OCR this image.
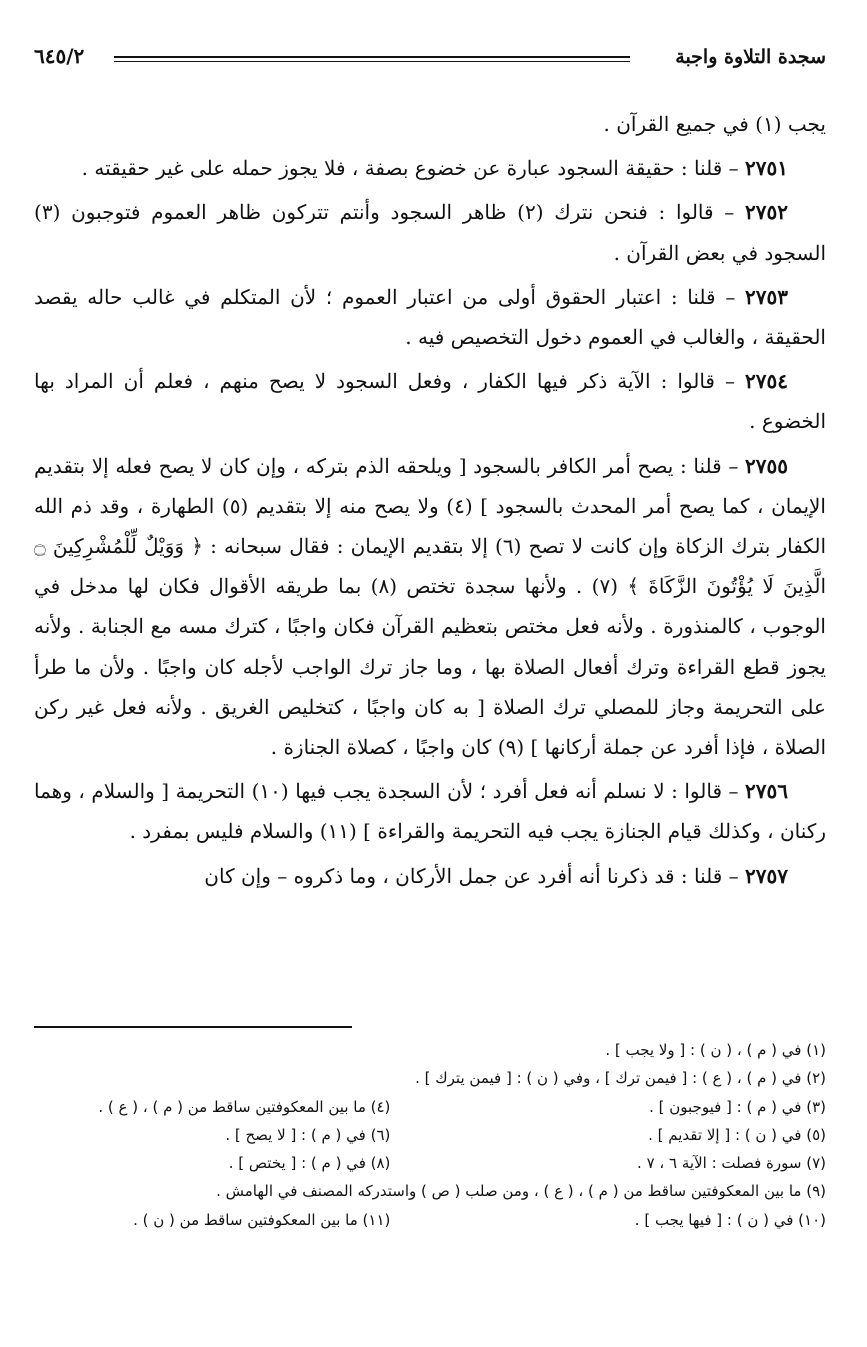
سجدة التلاوة واجبة
٦٤٥/٢

يجب (١) في جميع القرآن .

٢٧٥١ – قلنا : حقيقة السجود عبارة عن خضوع بصفة ، فلا يجوز حمله على غير حقيقته .

٢٧٥٢ – قالوا : فنحن نترك (٢) ظاهر السجود وأنتم تتركون ظاهر العموم فتوجبون (٣) السجود في بعض القرآن .

٢٧٥٣ – قلنا : اعتبار الحقوق أولى من اعتبار العموم ؛ لأن المتكلم في غالب حاله يقصد الحقيقة ، والغالب في العموم دخول التخصيص فيه .

٢٧٥٤ – قالوا : الآية ذكر فيها الكفار ، وفعل السجود لا يصح منهم ، فعلم أن المراد بها الخضوع .

٢٧٥٥ – قلنا : يصح أمر الكافر بالسجود [ ويلحقه الذم بتركه ، وإن كان لا يصح فعله إلا بتقديم الإيمان ، كما يصح أمر المحدث بالسجود ] (٤) ولا يصح منه إلا بتقديم (٥) الطهارة ، وقد ذم الله الكفار بترك الزكاة وإن كانت لا تصح (٦) إلا بتقديم الإيمان : فقال سبحانه : ﴿ وَوَيْلٌ لِّلْمُشْرِكِينَ ۝ الَّذِينَ لَا يُؤْتُونَ الزَّكَاةَ ﴾ (٧) . ولأنها سجدة تختص (٨) بما طريقه الأقوال فكان لها مدخل في الوجوب ، كالمنذورة . ولأنه فعل مختص بتعظيم القرآن فكان واجبًا ، كترك مسه مع الجنابة . ولأنه يجوز قطع القراءة وترك أفعال الصلاة بها ، وما جاز ترك الواجب لأجله كان واجبًا . ولأن ما طرأ على التحريمة وجاز للمصلي ترك الصلاة [ به كان واجبًا ، كتخليص الغريق . ولأنه فعل غير ركن الصلاة ، فإذا أفرد عن جملة أركانها ] (٩) كان واجبًا ، كصلاة الجنازة .

٢٧٥٦ – قالوا : لا نسلم أنه فعل أفرد ؛ لأن السجدة يجب فيها (١٠) التحريمة [ والسلام ، وهما ركنان ، وكذلك قيام الجنازة يجب فيه التحريمة والقراءة ] (١١) والسلام فليس بمفرد .

٢٧٥٧ – قلنا : قد ذكرنا أنه أفرد عن جمل الأركان ، وما ذكروه – وإن كان

(١) في ( م ) ، ( ن ) : [ ولا يجب ] .
(٢) في ( م ) ، ( ع ) : [ فيمن ترك ] ، وفي ( ن ) : [ فيمن يترك ] .
(٣) في ( م ) : [ فيوجبون ] .
(٤) ما بين المعكوفتين ساقط من ( م ) ، ( ع ) .
(٥) في ( ن ) : [ إلا تقديم ] .
(٦) في ( م ) : [ لا يصح ] .
(٧) سورة فصلت : الآية ٦ ، ٧ .
(٨) في ( م ) : [ يختص ] .
(٩) ما بين المعكوفتين ساقط من ( م ) ، ( ع ) ، ومن صلب ( ص ) واستدركه المصنف في الهامش .
(١٠) في ( ن ) : [ فيها يجب ] .
(١١) ما بين المعكوفتين ساقط من ( ن ) .
